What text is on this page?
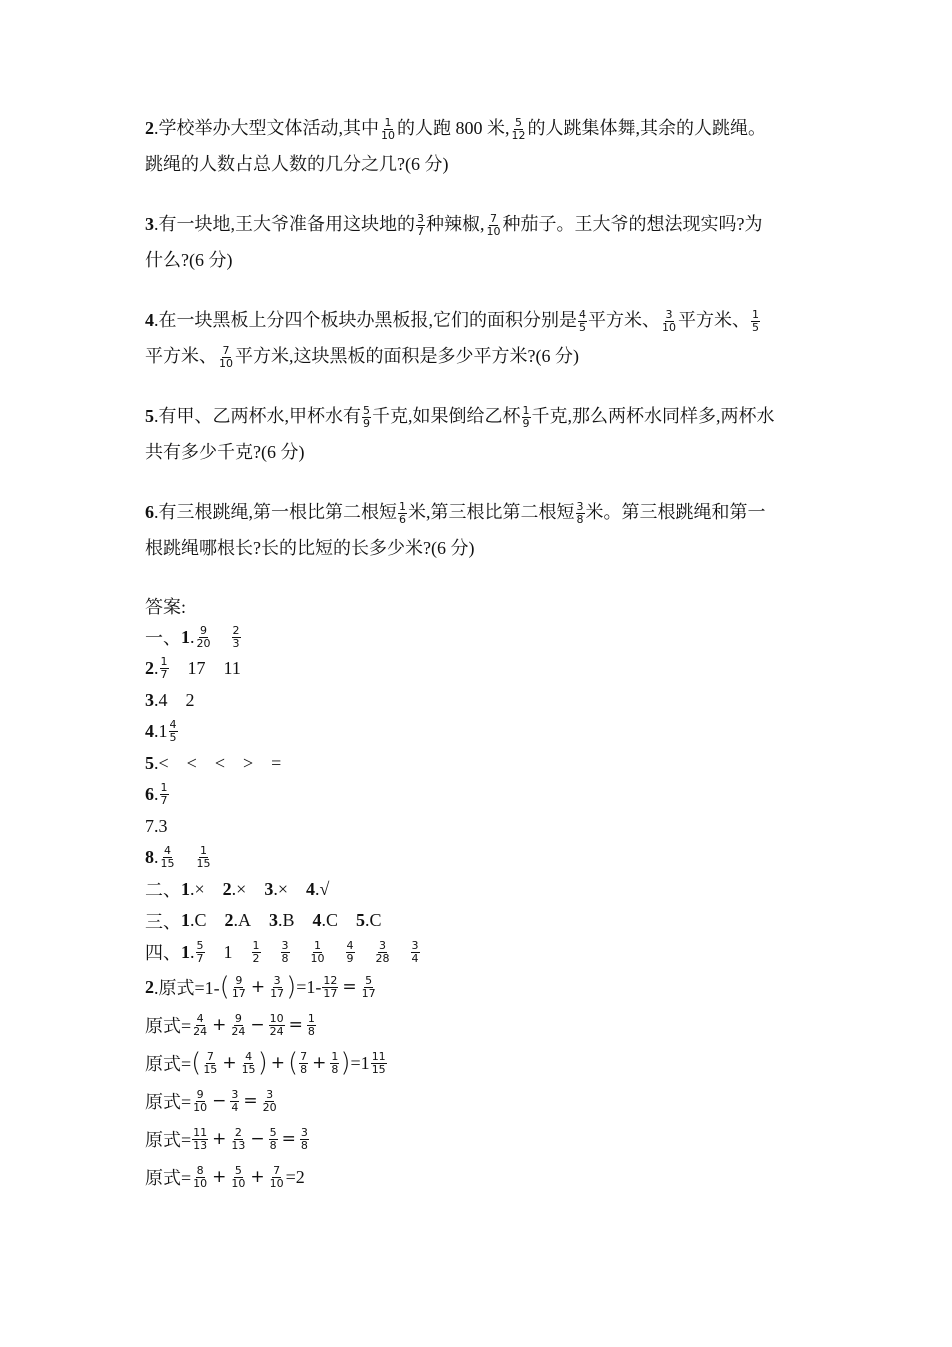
2.学校举办大型文体活动,其中 $\frac{1}{10}$ 的人跑 800 米, $\frac{5}{12}$ 的人跳集体舞,其余的人跳绳。
跳绳的人数占总人数的几分之几?(6 分)
3.有一块地,王大爷准备用这块地的 $\frac{3}{7}$ 种辣椒, $\frac{7}{10}$ 种茄子。王大爷的想法现实吗?为
什么?(6 分)
4.在一块黑板上分四个板块办黑板报,它们的面积分别是 $\frac{4}{5}$ 平方米、 $\frac{3}{10}$ 平方米、 $\frac{1}{5}$

平方米、 $\frac{7}{10}$ 平方米,这块黑板的面积是多少平方米?(6 分)
5.有甲、乙两杯水,甲杯水有 $\frac{5}{9}$ 千克,如果倒给乙杯 $\frac{1}{9}$ 千克,那么两杯水同样多,两杯水
共有多少千克?(6 分)
6.有三根跳绳,第一根比第二根短 $\frac{1}{6}$ 米,第三根比第二根短 $\frac{3}{8}$ 米。第三根跳绳和第一
根跳绳哪根长?长的比短的长多少米?(6 分)
答案:
一、 1 . $\frac{9}{20} \frac{2}{3}$
2 . $\frac{1}{7} 17$ 11
3 .4 2
4 $.1 \frac{4}{5}$
5 .< < < > =
6 . $\frac{1}{7}$
7 .3
8 . $\frac{4}{15} \frac{1}{15}$
二、 1 .× 2 .× 3 .× 4 .√
三、 1 .C 2 .A 3 .B 4 .C 5 .C
四、 1 . $\frac{5}{7} 1 \frac{1}{2} \frac{3}{8} \frac{1}{10} \frac{4}{9} \frac{3}{28} \frac{3}{4}$
2 .原式=1- ( $\frac{9}{17} + \frac{3}{17}$ ) $=1- \frac{12}{17} = \frac{5}{17}$
原式= $\frac{4}{24} + \frac{9}{24} - \frac{10}{24} = \frac{1}{8}$
原式= ( $\frac{7}{15} + \frac{4}{15}$ ) + ( $\frac{7}{8} + \frac{1}{8}$ ) $=1 \frac{11}{15}$
原式= $\frac{9}{10} - \frac{3}{4} = \frac{3}{20}$
原式= $\frac{11}{13} + \frac{2}{13} - \frac{5}{8} = \frac{3}{8}$
原式= $\frac{8}{10} + \frac{5}{10} + \frac{7}{10} =2$
